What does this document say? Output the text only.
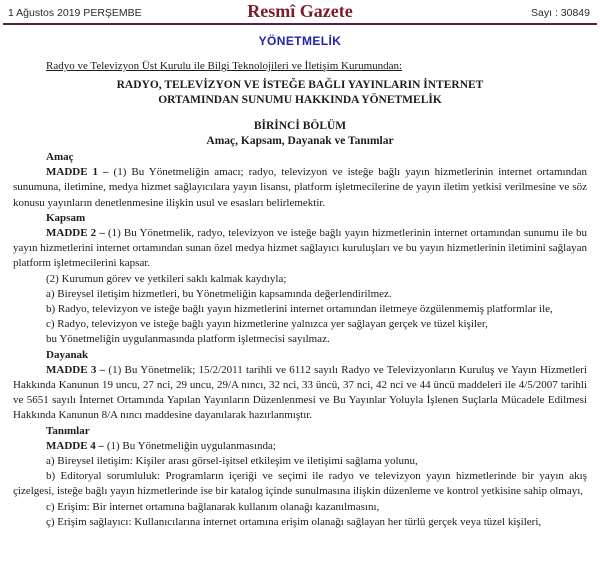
1 Ağustos 2019 PERŞEMBE	Resmî Gazete	Sayı : 30849
YÖNETMELİK

Radyo ve Televizyon Üst Kurulu ile Bilgi Teknolojileri ve İletişim Kurumundan:

RADYO, TELEVİZYON VE İSTEĞE BAĞLI YAYINLARIN İNTERNET
ORTAMINDAN SUNUMU HAKKINDA YÖNETMELİK
BİRİNCİ BÖLÜM
Amaç, Kapsam, Dayanak ve Tanımlar

Amaç

MADDE 1 – (1) Bu Yönetmeliğin amacı; radyo, televizyon ve isteğe bağlı yayın hizmetlerinin internet ortamından sunumuna, iletimine, medya hizmet sağlayıcılara yayın lisansı, platform işletmecilerine de yayın iletim yetkisi verilmesine ve söz konusu yayınların denetlenmesine ilişkin usul ve esasları belirlemektir.

Kapsam

MADDE 2 – (1) Bu Yönetmelik, radyo, televizyon ve isteğe bağlı yayın hizmetlerinin internet ortamından sunumu ile bu yayın hizmetlerini internet ortamından sunan özel medya hizmet sağlayıcı kuruluşları ve bu yayın hizmetlerinin iletimini sağlayan platform işletmecilerini kapsar.

(2) Kurumun görev ve yetkileri saklı kalmak kaydıyla;

a) Bireysel iletişim hizmetleri, bu Yönetmeliğin kapsamında değerlendirilmez.

b) Radyo, televizyon ve isteğe bağlı yayın hizmetlerini internet ortamından iletmeye özgülenmemiş platformlar ile,

c) Radyo, televizyon ve isteğe bağlı yayın hizmetlerine yalnızca yer sağlayan gerçek ve tüzel kişiler,

bu Yönetmeliğin uygulanmasında platform işletmecisi sayılmaz.

Dayanak

MADDE 3 – (1) Bu Yönetmelik; 15/2/2011 tarihli ve 6112 sayılı Radyo ve Televizyonların Kuruluş ve Yayın Hizmetleri Hakkında Kanunun 19 uncu, 27 nci, 29 uncu, 29/A nıncı, 32 nci, 33 üncü, 37 nci, 42 nci ve 44 üncü maddeleri ile 4/5/2007 tarihli ve 5651 sayılı İnternet Ortamında Yapılan Yayınların Düzenlenmesi ve Bu Yayınlar Yoluyla İşlenen Suçlarla Mücadele Edilmesi Hakkında Kanunun 8/A nıncı maddesine dayanılarak hazırlanmıştır.

Tanımlar

MADDE 4 – (1) Bu Yönetmeliğin uygulanmasında;

a) Bireysel iletişim: Kişiler arası görsel-işitsel etkileşim ve iletişimi sağlama yolunu,

b) Editoryal sorumluluk: Programların içeriği ve seçimi ile radyo ve televizyon yayın hizmetlerinde bir yayın akış çizelgesi, isteğe bağlı yayın hizmetlerinde ise bir katalog içinde sunulmasına ilişkin düzenleme ve kontrol yetkisine sahip olmayı,

c) Erişim: Bir internet ortamına bağlanarak kullanım olanağı kazanılmasını,

ç) Erişim sağlayıcı: Kullanıcılarına internet ortamına erişim olanağı sağlayan her türlü gerçek veya tüzel kişileri,
